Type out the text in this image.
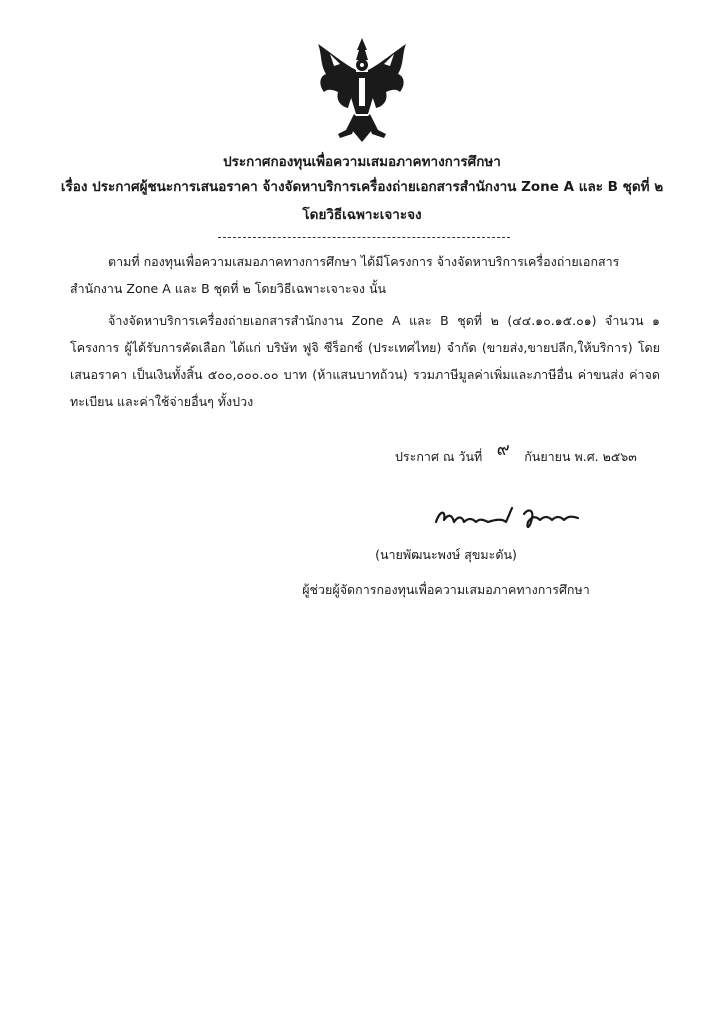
ประกาศกองทุนเพื่อความเสมอภาคทางการศึกษา
เรื่อง ประกาศผู้ชนะการเสนอราคา จ้างจัดหาบริการเครื่องถ่ายเอกสารสำนักงาน Zone A และ B ชุดที่ ๒
โดยวิธีเฉพาะเจาะจง
ตามที่ กองทุนเพื่อความเสมอภาคทางการศึกษา ได้มีโครงการ จ้างจัดหาบริการเครื่องถ่ายเอกสารสำนักงาน Zone A และ B ชุดที่ ๒ โดยวิธีเฉพาะเจาะจง นั้น
จ้างจัดหาบริการเครื่องถ่ายเอกสารสำนักงาน Zone A และ B ชุดที่ ๒ (๔๔.๑๐.๑๕.๐๑) จำนวน ๑ โครงการ ผู้ได้รับการคัดเลือก ได้แก่ บริษัท ฟูจิ ซีร็อกซ์ (ประเทศไทย) จำกัด (ขายส่ง,ขายปลีก,ให้บริการ) โดยเสนอราคา เป็นเงินทั้งสิ้น ๕๐๐,๐๐๐.๐๐ บาท (ห้าแสนบาทถ้วน) รวมภาษีมูลค่าเพิ่มและภาษีอื่น ค่าขนส่ง ค่าจดทะเบียน และค่าใช้จ่ายอื่นๆ ทั้งปวง
ประกาศ ณ วันที่ ๙ กันยายน พ.ศ. ๒๕๖๓
(นายพัฒนะพงษ์ สุขมะดัน)
ผู้ช่วยผู้จัดการกองทุนเพื่อความเสมอภาคทางการศึกษา
